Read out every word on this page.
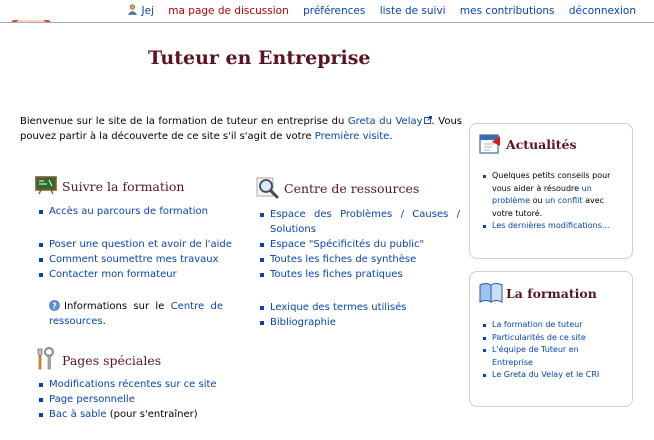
Jej ma page de discussion préférences liste de suivi mes contributions déconnexion
Tuteur en Entreprise
Bienvenue sur le site de la formation de tuteur en entreprise du Greta du Velay . Vous pouvez partir à la découverte de ce site s'il s'agit de votre Première visite.
Suivre la formation
Accès au parcours de formation
Poser une question et avoir de l'aide
Comment soumettre mes travaux
Contacter mon formateur
? Informations sur le Centre de ressources.
Pages spéciales
Modifications récentes sur ce site
Page personnelle
Bac à sable (pour s'entraîner)
Centre de ressources
Espace des Problèmes / Causes / Solutions
Espace "Spécificités du public"
Toutes les fiches de synthèse
Toutes les fiches pratiques
Lexique des termes utilisés
Bibliographie
Actualités
Quelques petits conseils pour vous aider à résoudre un problème ou un conflit avec votre tutoré.
Les dernières modifications...
La formation
La formation de tuteur
Particularités de ce site
L'équipe de Tuteur en Entreprise
Le Greta du Velay et le CRI
